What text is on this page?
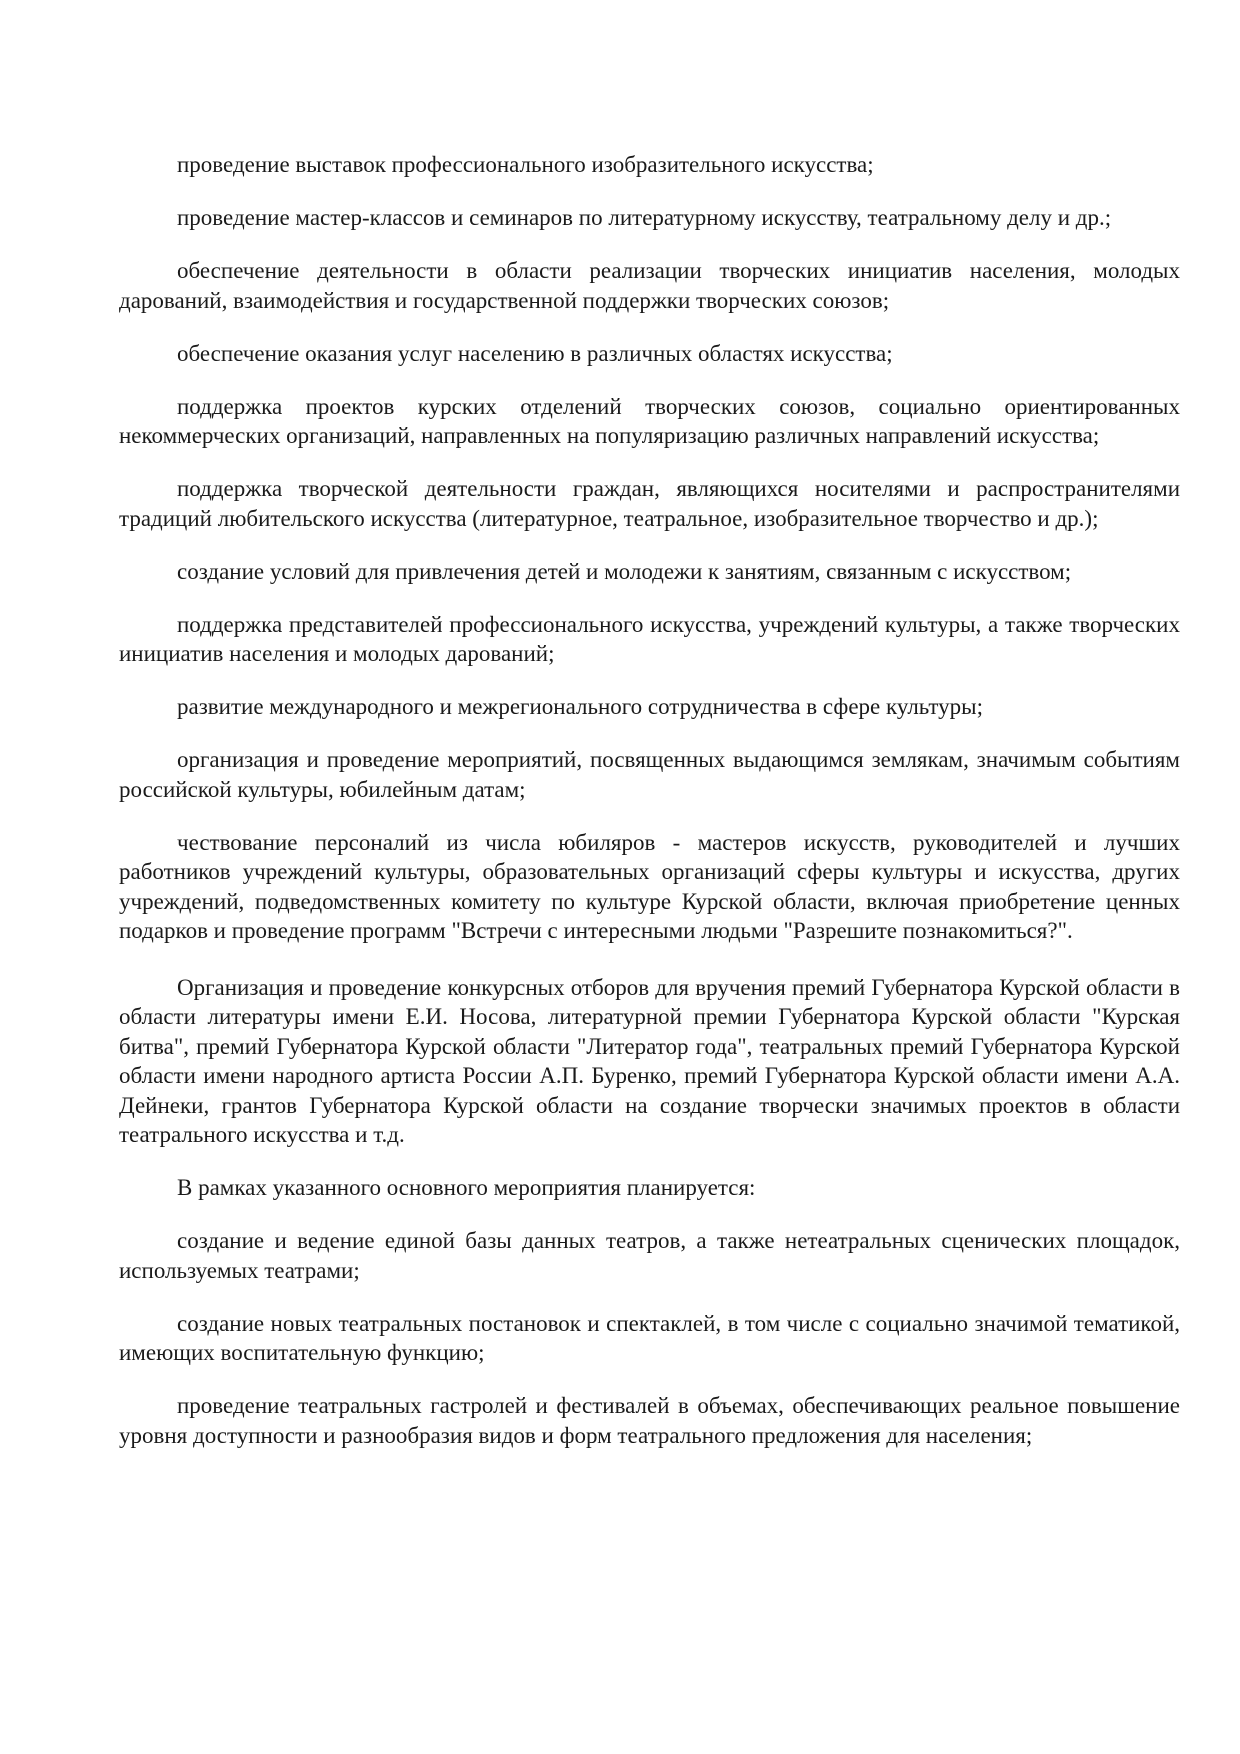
проведение выставок профессионального изобразительного искусства;

проведение мастер-классов и семинаров по литературному искусству, театральному делу и др.;

обеспечение деятельности в области реализации творческих инициатив населения, молодых дарований, взаимодействия и государственной поддержки творческих союзов;

обеспечение оказания услуг населению в различных областях искусства;

поддержка проектов курских отделений творческих союзов, социально ориентированных некоммерческих организаций, направленных на популяризацию различных направлений искусства;

поддержка творческой деятельности граждан, являющихся носителями и распространителями традиций любительского искусства (литературное, театральное, изобразительное творчество и др.);

создание условий для привлечения детей и молодежи к занятиям, связанным с искусством;

поддержка представителей профессионального искусства, учреждений культуры, а также творческих инициатив населения и молодых дарований;

развитие международного и межрегионального сотрудничества в сфере культуры;

организация и проведение мероприятий, посвященных выдающимся землякам, значимым событиям российской культуры, юбилейным датам;

чествование персоналий из числа юбиляров - мастеров искусств, руководителей и лучших работников учреждений культуры, образовательных организаций сферы культуры и искусства, других учреждений, подведомственных комитету по культуре Курской области, включая приобретение ценных подарков и проведение программ "Встречи с интересными людьми "Разрешите познакомиться?".

Организация и проведение конкурсных отборов для вручения премий Губернатора Курской области в области литературы имени Е.И. Носова, литературной премии Губернатора Курской области "Курская битва", премий Губернатора Курской области "Литератор года", театральных премий Губернатора Курской области имени народного артиста России А.П. Буренко, премий Губернатора Курской области имени А.А. Дейнеки, грантов Губернатора Курской области на создание творчески значимых проектов в области театрального искусства и т.д.

В рамках указанного основного мероприятия планируется:

создание и ведение единой базы данных театров, а также нетеатральных сценических площадок, используемых театрами;

создание новых театральных постановок и спектаклей, в том числе с социально значимой тематикой, имеющих воспитательную функцию;

проведение театральных гастролей и фестивалей в объемах, обеспечивающих реальное повышение уровня доступности и разнообразия видов и форм театрального предложения для населения;
